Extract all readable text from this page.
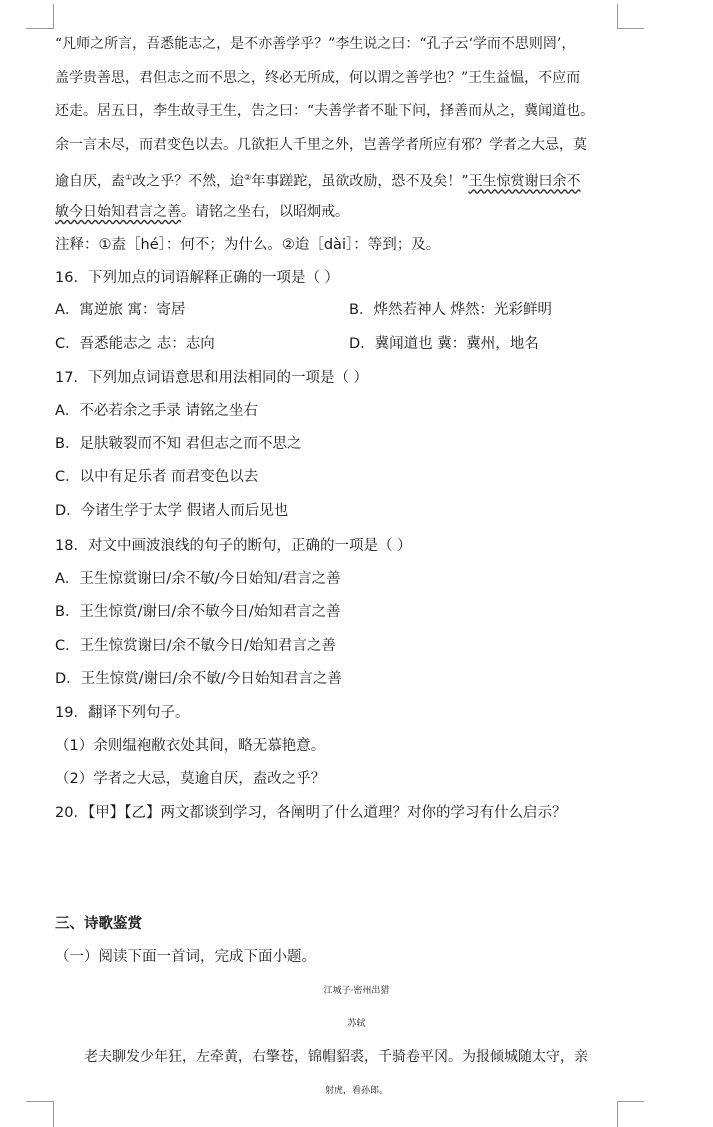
“凡师之所言，吾悉能志之，是不亦善学乎？”李生说之曰：“孔子云‘学而不思则罔’，
盖学贵善思，君但志之而不思之，终必无所成，何以谓之善学也？”王生益愠，不应而
还走。居五日，李生故寻王生，告之曰：“夫善学者不耻下问，择善而从之，冀闻道也。
余一言未尽，而君变色以去。几欲拒人千里之外，岂善学者所应有邪？学者之大忌，莫
逾自厌，盍①改之乎？不然，迨②年事蹉跎，虽欲改励，恐不及矣！”王生惊赏谢曰余不
敏今日始知君言之善。请铭之坐右，以昭炯戒。
注释：①盍［hé］：何不；为什么。②迨［dài］：等到；及。
16．下列加点的词语解释正确的一项是（ ）
A．寓逆旅 寓：寄居	B．烨然若神人 烨然：光彩鲜明
C．吾悉能志之 志：志向	D．冀闻道也 冀：冀州，地名
17．下列加点词语意思和用法相同的一项是（ ）
A．不必若余之手录 请铭之坐右
B．足肤皲裂而不知 君但志之而不思之
C．以中有足乐者 而君变色以去
D．今诸生学于太学 假诸人而后见也
18．对文中画波浪线的句子的断句，正确的一项是（ ）
A．王生惊赏谢曰/余不敏/今日始知/君言之善
B．王生惊赏/谢曰/余不敏今日/始知君言之善
C．王生惊赏谢曰/余不敏今日/始知君言之善
D．王生惊赏/谢曰/余不敏/今日始知君言之善
19．翻译下列句子。
（1）余则缊袍敝衣处其间，略无慕艳意。
（2）学者之大忌，莫逾自厌，盍改之乎？
20．【甲】【乙】两文都谈到学习，各阐明了什么道理？对你的学习有什么启示？
三、诗歌鉴赏
（一）阅读下面一首词，完成下面小题。
江城子·密州出猎
苏轼
老夫聊发少年狂，左牵黄，右擎苍，锦帽貂裘，千骑卷平冈。为报倾城随太守，亲
射虎，看孙郎。
